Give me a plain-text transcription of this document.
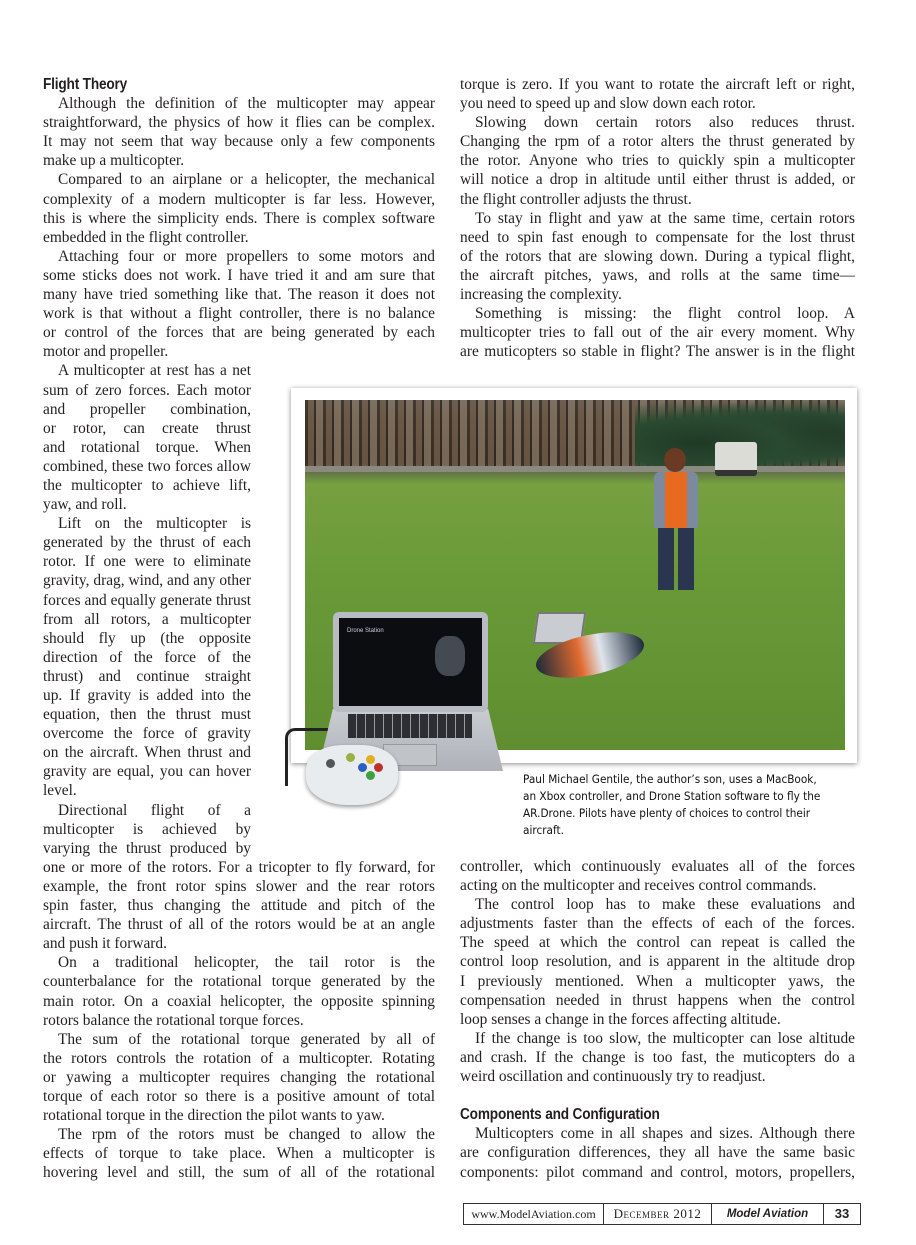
Flight Theory
Although the definition of the multicopter may appear
straightforward, the physics of how it flies can be complex.
It may not seem that way because only a few components
make up a multicopter.
Compared to an airplane or a helicopter, the mechanical
complexity of a modern multicopter is far less. However,
this is where the simplicity ends. There is complex software
embedded in the flight controller.
Attaching four or more propellers to some motors and
some sticks does not work. I have tried it and am sure that
many have tried something like that. The reason it does not
work is that without a flight controller, there is no balance
or control of the forces that are being generated by each
motor and propeller.
A multicopter at rest has a net
sum of zero forces. Each motor
and propeller combination,
or rotor, can create thrust
and rotational torque. When
combined, these two forces allow
the multicopter to achieve lift,
yaw, and roll.
Lift on the multicopter is
generated by the thrust of each
rotor. If one were to eliminate
gravity, drag, wind, and any other
forces and equally generate thrust
from all rotors, a multicopter
should fly up (the opposite
direction of the force of the
thrust) and continue straight
up. If gravity is added into the
equation, then the thrust must
overcome the force of gravity
on the aircraft. When thrust and
gravity are equal, you can hover
level.
Directional flight of a
multicopter is achieved by
varying the thrust produced by
one or more of the rotors. For a tricopter to fly forward, for
example, the front rotor spins slower and the rear rotors
spin faster, thus changing the attitude and pitch of the
aircraft. The thrust of all of the rotors would be at an angle
and push it forward.
On a traditional helicopter, the tail rotor is the
counterbalance for the rotational torque generated by the
main rotor. On a coaxial helicopter, the opposite spinning
rotors balance the rotational torque forces.
The sum of the rotational torque generated by all of
the rotors controls the rotation of a multicopter. Rotating
or yawing a multicopter requires changing the rotational
torque of each rotor so there is a positive amount of total
rotational torque in the direction the pilot wants to yaw.
The rpm of the rotors must be changed to allow the
effects of torque to take place. When a multicopter is
hovering level and still, the sum of all of the rotational
torque is zero. If you want to rotate the aircraft left or right,
you need to speed up and slow down each rotor.
Slowing down certain rotors also reduces thrust.
Changing the rpm of a rotor alters the thrust generated by
the rotor. Anyone who tries to quickly spin a multicopter
will notice a drop in altitude until either thrust is added, or
the flight controller adjusts the thrust.
To stay in flight and yaw at the same time, certain rotors
need to spin fast enough to compensate for the lost thrust
of the rotors that are slowing down. During a typical flight,
the aircraft pitches, yaws, and rolls at the same time—
increasing the complexity.
Something is missing: the flight control loop. A
multicopter tries to fall out of the air every moment. Why
are muticopters so stable in flight? The answer is in the flight
controller, which continuously evaluates all of the forces
acting on the multicopter and receives control commands.
The control loop has to make these evaluations and
adjustments faster than the effects of each of the forces.
The speed at which the control can repeat is called the
control loop resolution, and is apparent in the altitude drop
I previously mentioned. When a multicopter yaws, the
compensation needed in thrust happens when the control
loop senses a change in the forces affecting altitude.
If the change is too slow, the multicopter can lose altitude
and crash. If the change is too fast, the muticopters do a
weird oscillation and continuously try to readjust.
Components and Configuration
Multicopters come in all shapes and sizes. Although there
are configuration differences, they all have the same basic
components: pilot command and control, motors, propellers,
Drone Station
Paul Michael Gentile, the author’s son, uses a MacBook, an Xbox controller, and Drone Station software to fly the AR.Drone. Pilots have plenty of choices to control their aircraft.
www.ModelAviation.com	December 2012	Model Aviation	33
